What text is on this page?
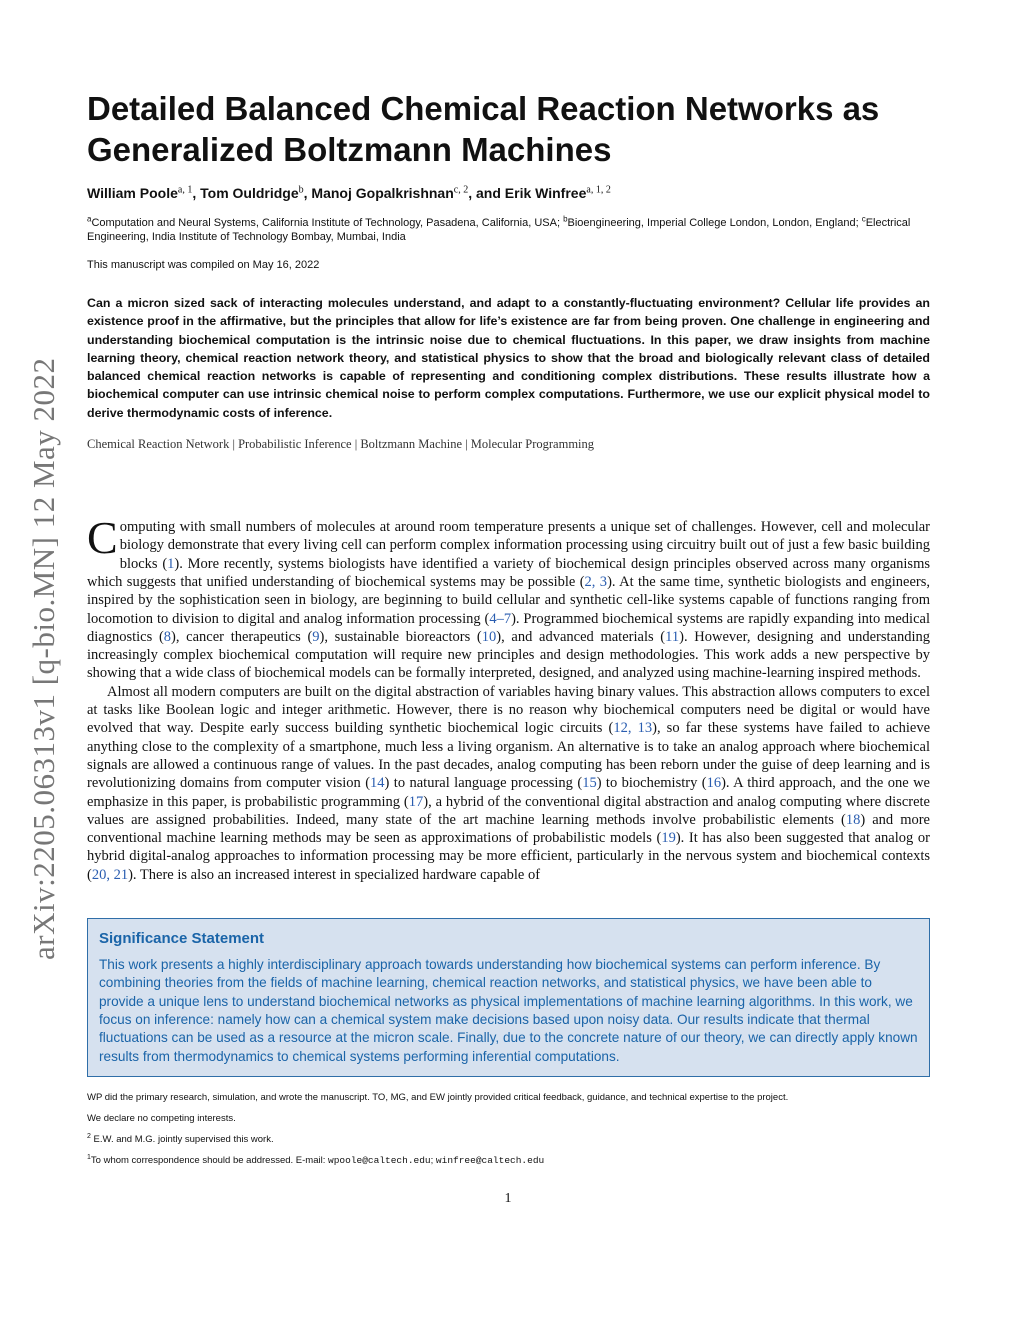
arXiv:2205.06313v1 [q-bio.MN] 12 May 2022
Detailed Balanced Chemical Reaction Networks as Generalized Boltzmann Machines
William Poole$^{a, 1}$, Tom Ouldridge$^b$, Manoj Gopalkrishnan$^{c, 2}$, and Erik Winfree$^{a, 1, 2}$
$^a$Computation and Neural Systems, California Institute of Technology, Pasadena, California, USA; $^b$Bioengineering, Imperial College London, London, England; $^c$Electrical Engineering, India Institute of Technology Bombay, Mumbai, India
This manuscript was compiled on May 16, 2022
Can a micron sized sack of interacting molecules understand, and adapt to a constantly-fluctuating environment? Cellular life provides an existence proof in the affirmative, but the principles that allow for life’s existence are far from being proven. One challenge in engineering and understanding biochemical computation is the intrinsic noise due to chemical fluctuations. In this paper, we draw insights from machine learning theory, chemical reaction network theory, and statistical physics to show that the broad and biologically relevant class of detailed balanced chemical reaction networks is capable of representing and conditioning complex distributions. These results illustrate how a biochemical computer can use intrinsic chemical noise to perform complex computations. Furthermore, we use our explicit physical model to derive thermodynamic costs of inference.
Chemical Reaction Network | Probabilistic Inference | Boltzmann Machine | Molecular Programming

Computing with small numbers of molecules at around room temperature presents a unique set of challenges. However, cell and molecular biology demonstrate that every living cell can perform complex information processing using circuitry built out of just a few basic building blocks (1). More recently, systems biologists have identified a variety of biochemical design principles observed across many organisms which suggests that unified understanding of biochemical systems may be possible (2, 3). At the same time, synthetic biologists and engineers, inspired by the sophistication seen in biology, are beginning to build cellular and synthetic cell-like systems capable of functions ranging from locomotion to division to digital and analog information processing (4–7). Programmed biochemical systems are rapidly expanding into medical diagnostics (8), cancer therapeutics (9), sustainable bioreactors (10), and advanced materials (11). However, designing and understanding increasingly complex biochemical computation will require new principles and design methodologies. This work adds a new perspective by showing that a wide class of biochemical models can be formally interpreted, designed, and analyzed using machine-learning inspired methods.

Almost all modern computers are built on the digital abstraction of variables having binary values. This abstraction allows computers to excel at tasks like Boolean logic and integer arithmetic. However, there is no reason why biochemical computers need be digital or would have evolved that way. Despite early success building synthetic biochemical logic circuits (12, 13), so far these systems have failed to achieve anything close to the complexity of a smartphone, much less a living organism. An alternative is to take an analog approach where biochemical signals are allowed a continuous range of values. In the past decades, analog computing has been reborn under the guise of deep learning and is revolutionizing domains from computer vision (14) to natural language processing (15) to biochemistry (16). A third approach, and the one we emphasize in this paper, is probabilistic programming (17), a hybrid of the conventional digital abstraction and analog computing where discrete values are assigned probabilities. Indeed, many state of the art machine learning methods involve probabilistic elements (18) and more conventional machine learning methods may be seen as approximations of probabilistic models (19). It has also been suggested that analog or hybrid digital-analog approaches to information processing may be more efficient, particularly in the nervous system and biochemical contexts (20, 21). There is also an increased interest in specialized hardware capable of

Significance Statement

This work presents a highly interdisciplinary approach towards understanding how biochemical systems can perform inference. By combining theories from the fields of machine learning, chemical reaction networks, and statistical physics, we have been able to provide a unique lens to understand biochemical networks as physical implementations of machine learning algorithms. In this work, we focus on inference: namely how can a chemical system make decisions based upon noisy data. Our results indicate that thermal fluctuations can be used as a resource at the micron scale. Finally, due to the concrete nature of our theory, we can directly apply known results from thermodynamics to chemical systems performing inferential computations.

WP did the primary research, simulation, and wrote the manuscript. TO, MG, and EW jointly provided critical feedback, guidance, and technical expertise to the project.
We declare no competing interests.
$^2$ E.W. and M.G. jointly supervised this work.
$^1$To whom correspondence should be addressed. E-mail: wpoole@caltech.edu; winfree@caltech.edu
1
